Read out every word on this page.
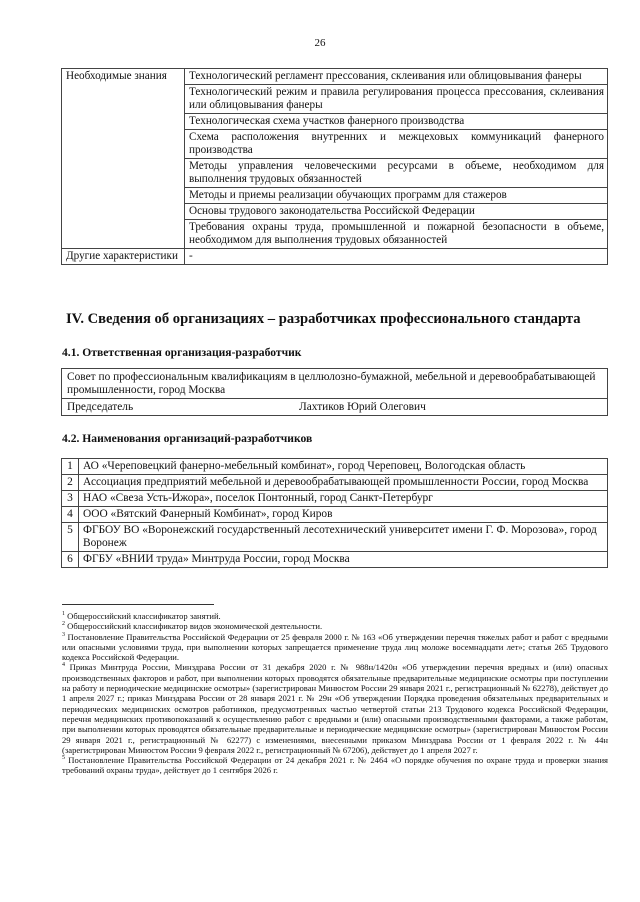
26
Необходимые знания	Технологический регламент прессования, склеивания или облицовывания фанеры
	Технологический режим и правила регулирования процесса прессования, склеивания или облицовывания фанеры
	Технологическая схема участков фанерного производства
	Схема расположения внутренних и межцеховых коммуникаций фанерного производства
	Методы управления человеческими ресурсами в объеме, необходимом для выполнения трудовых обязанностей
	Методы и приемы реализации обучающих программ для стажеров
	Основы трудового законодательства Российской Федерации
	Требования охраны труда, промышленной и пожарной безопасности в объеме, необходимом для выполнения трудовых обязанностей
Другие характеристики	-
IV. Сведения об организациях – разработчиках профессионального стандарта
4.1. Ответственная организация-разработчик
Совет по профессиональным квалификациям в целлюлозно-бумажной, мебельной и деревообрабатывающей промышленности, город Москва

Председатель	Лахтиков Юрий Олегович
4.2. Наименования организаций-разработчиков
1	АО «Череповецкий фанерно-мебельный комбинат», город Череповец, Вологодская область
2	Ассоциация предприятий мебельной и деревообрабатывающей промышленности России, город Москва
3	НАО «Свеза Усть-Ижора», поселок Понтонный, город Санкт-Петербург
4	ООО «Вятский Фанерный Комбинат», город Киров
5	ФГБОУ ВО «Воронежский государственный лесотехнический университет имени Г. Ф. Морозова», город Воронеж
6	ФГБУ «ВНИИ труда» Минтруда России, город Москва

$^1$ Общероссийский классификатор занятий.

$^2$ Общероссийский классификатор видов экономической деятельности.

$^3$ Постановление Правительства Российской Федерации от 25 февраля 2000 г. № 163 «Об утверждении перечня тяжелых работ и работ с вредными или опасными условиями труда, при выполнении которых запрещается применение труда лиц моложе восемнадцати лет»; статья 265 Трудового кодекса Российской Федерации.

$^4$ Приказ Минтруда России, Минздрава России от 31 декабря 2020 г. № 988н/1420н «Об утверждении перечня вредных и (или) опасных производственных факторов и работ, при выполнении которых проводятся обязательные предварительные медицинские осмотры при поступлении на работу и периодические медицинские осмотры» (зарегистрирован Минюстом России 29 января 2021 г., регистрационный № 62278), действует до 1 апреля 2027 г.; приказ Минздрава России от 28 января 2021 г. № 29н «Об утверждении Порядка проведения обязательных предварительных и периодических медицинских осмотров работников, предусмотренных частью четвертой статьи 213 Трудового кодекса Российской Федерации, перечня медицинских противопоказаний к осуществлению работ с вредными и (или) опасными производственными факторами, а также работам, при выполнении которых проводятся обязательные предварительные и периодические медицинские осмотры» (зарегистрирован Минюстом России 29 января 2021 г., регистрационный № 62277) с изменениями, внесенными приказом Минздрава России от 1 февраля 2022 г. № 44н (зарегистрирован Минюстом России 9 февраля 2022 г., регистрационный № 67206), действует до 1 апреля 2027 г.

$^5$ Постановление Правительства Российской Федерации от 24 декабря 2021 г. № 2464 «О порядке обучения по охране труда и проверки знания требований охраны труда», действует до 1 сентября 2026 г.
